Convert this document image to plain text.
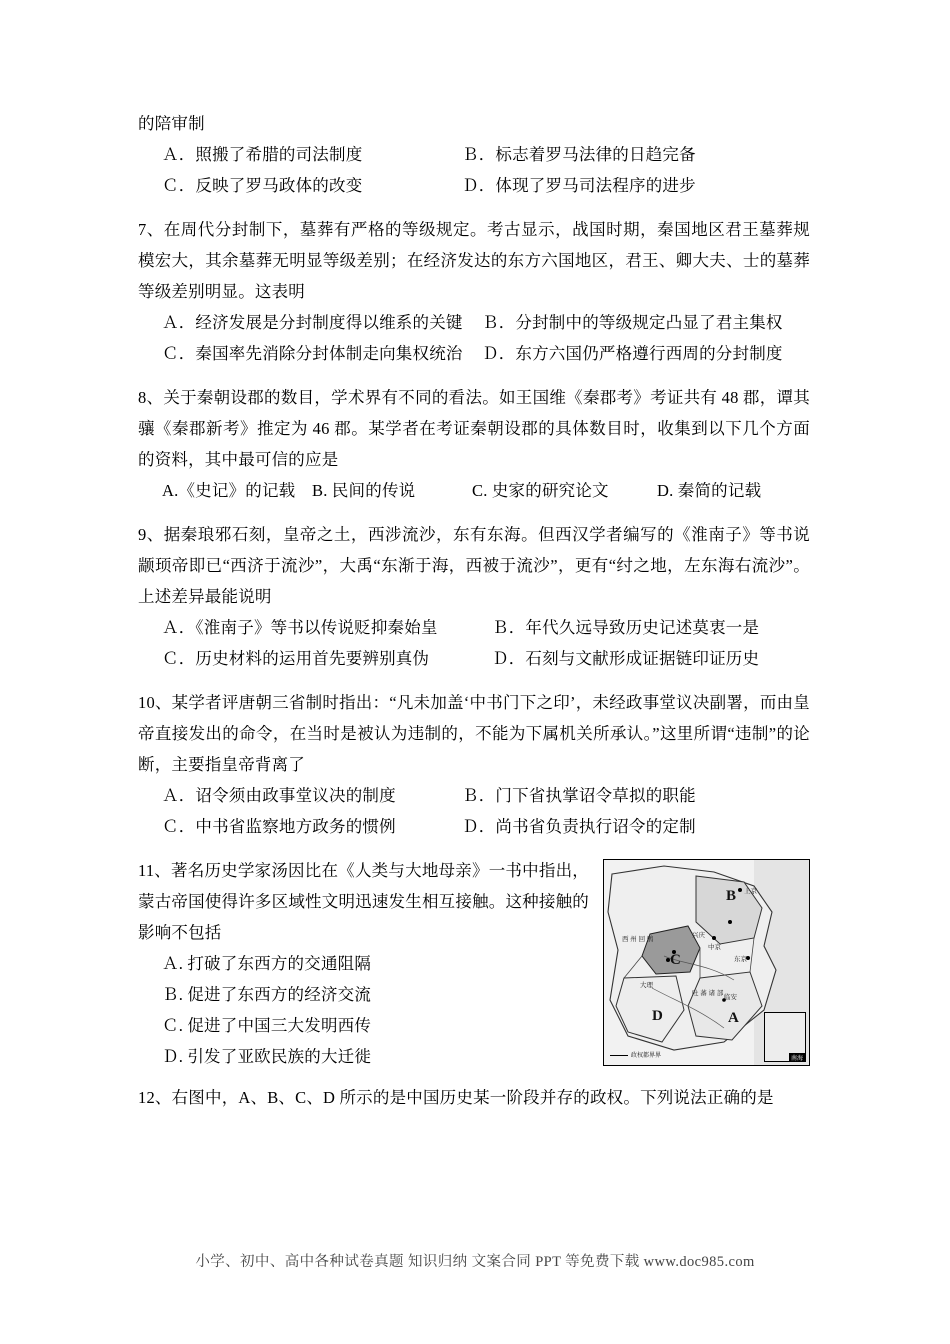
的陪审制
Ａ．照搬了希腊的司法制度	Ｂ．标志着罗马法律的日趋完备
Ｃ．反映了罗马政体的改变	Ｄ．体现了罗马司法程序的进步
7、在周代分封制下，墓葬有严格的等级规定。考古显示，战国时期，秦国地区君王墓葬规模宏大，其余墓葬无明显等级差别；在经济发达的东方六国地区，君王、卿大夫、士的墓葬等级差别明显。这表明
Ａ．经济发展是分封制度得以维系的关键	Ｂ．分封制中的等级规定凸显了君主集权
Ｃ．秦国率先消除分封体制走向集权统治	Ｄ．东方六国仍严格遵行西周的分封制度
8、关于秦朝设郡的数目，学术界有不同的看法。如王国维《秦郡考》考证共有 48 郡，谭其骧《秦郡新考》推定为 46 郡。某学者在考证秦朝设郡的具体数目时，收集到以下几个方面的资料，其中最可信的应是
A.《史记》的记载	B. 民间的传说	C. 史家的研究论文	D. 秦简的记载
9、据秦琅邪石刻，皇帝之土，西涉流沙，东有东海。但西汉学者编写的《淮南子》等书说颛顼帝即已“西济于流沙”，大禹“东渐于海，西被于流沙”，更有“纣之地，左东海右流沙”。上述差异最能说明
Ａ．《淮南子》等书以传说贬抑秦始皇	Ｂ．年代久远导致历史记述莫衷一是
Ｃ．历史材料的运用首先要辨别真伪	Ｄ．石刻与文献形成证据链印证历史
10、某学者评唐朝三省制时指出：“凡未加盖‘中书门下之印’，未经政事堂议决副署，而由皇帝直接发出的命令，在当时是被认为违制的，不能为下属机关所承认。”这里所谓“违制”的论断，主要指皇帝背离了
Ａ．诏令须由政事堂议决的制度	Ｂ．门下省执掌诏令草拟的职能
Ｃ．中书省监察地方政务的惯例	Ｄ．尚书省负责执行诏令的定制
B
C
A
D
上京
西 州 回 鹘
兴庆
东京
中京
临安
吐 蕃 诸 部
大理
政权都界界	南海
11、著名历史学家汤因比在《人类与大地母亲》一书中指出，蒙古帝国使得许多区域性文明迅速发生相互接触。这种接触的影响不包括
Ａ. 打破了东西方的交通阻隔
Ｂ. 促进了东西方的经济交流
Ｃ. 促进了中国三大发明西传
Ｄ. 引发了亚欧民族的大迁徙
12、右图中，A、B、C、D 所示的是中国历史某一阶段并存的政权。下列说法正确的是
小学、初中、高中各种试卷真题 知识归纳 文案合同 PPT 等免费下载 www.doc985.com
